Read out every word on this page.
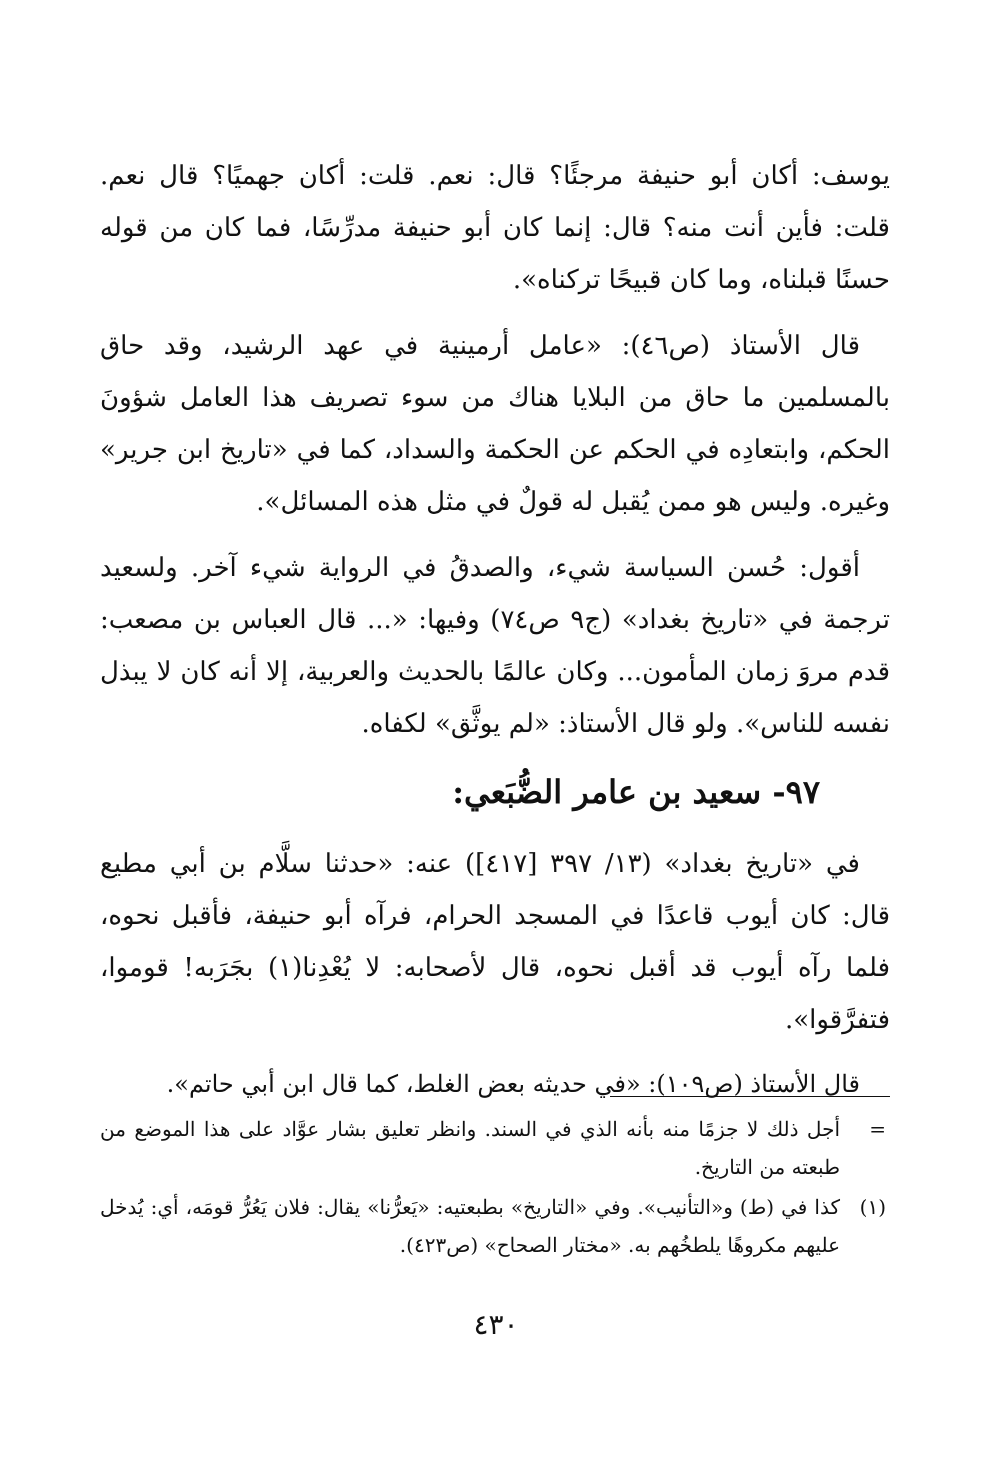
يوسف: أكان أبو حنيفة مرجئًا؟ قال: نعم. قلت: أكان جهميًا؟ قال نعم. قلت: فأين أنت منه؟ قال: إنما كان أبو حنيفة مدرِّسًا، فما كان من قوله حسنًا قبلناه، وما كان قبيحًا تركناه».

قال الأستاذ (ص٤٦): «عامل أرمينية في عهد الرشيد، وقد حاق بالمسلمين ما حاق من البلايا هناك من سوء تصريف هذا العامل شؤونَ الحكم، وابتعادِه في الحكم عن الحكمة والسداد، كما في «تاريخ ابن جرير» وغيره. وليس هو ممن يُقبل له قولٌ في مثل هذه المسائل».

أقول: حُسن السياسة شيء، والصدقُ في الرواية شيء آخر. ولسعيد ترجمة في «تاريخ بغداد» (ج٩ ص٧٤) وفيها: «... قال العباس بن مصعب: قدم مروَ زمان المأمون... وكان عالمًا بالحديث والعربية، إلا أنه كان لا يبذل نفسه للناس». ولو قال الأستاذ: «لم يوثَّق» لكفاه.

٩٧- سعيد بن عامر الضُّبَعي:

في «تاريخ بغداد» (١٣/ ٣٩٧ [٤١٧]) عنه: «حدثنا سلَّام بن أبي مطيع قال: كان أيوب قاعدًا في المسجد الحرام، فرآه أبو حنيفة، فأقبل نحوه، فلما رآه أيوب قد أقبل نحوه، قال لأصحابه: لا يُعْدِنا(١) بجَرَبه! قوموا، فتفرَّقوا».

قال الأستاذ (ص١٠٩): «في حديثه بعض الغلط، كما قال ابن أبي حاتم».

=
أجل ذلك لا جزمًا منه بأنه الذي في السند. وانظر تعليق بشار عوَّاد على هذا الموضع من طبعته من التاريخ.
(١)
كذا في (ط) و«التأنيب». وفي «التاريخ» بطبعتيه: «يَعرُّنا» يقال: فلان يَعُرُّ قومَه، أي: يُدخل عليهم مكروهًا يلطخُهم به. «مختار الصحاح» (ص٤٢٣).
٤٣٠
